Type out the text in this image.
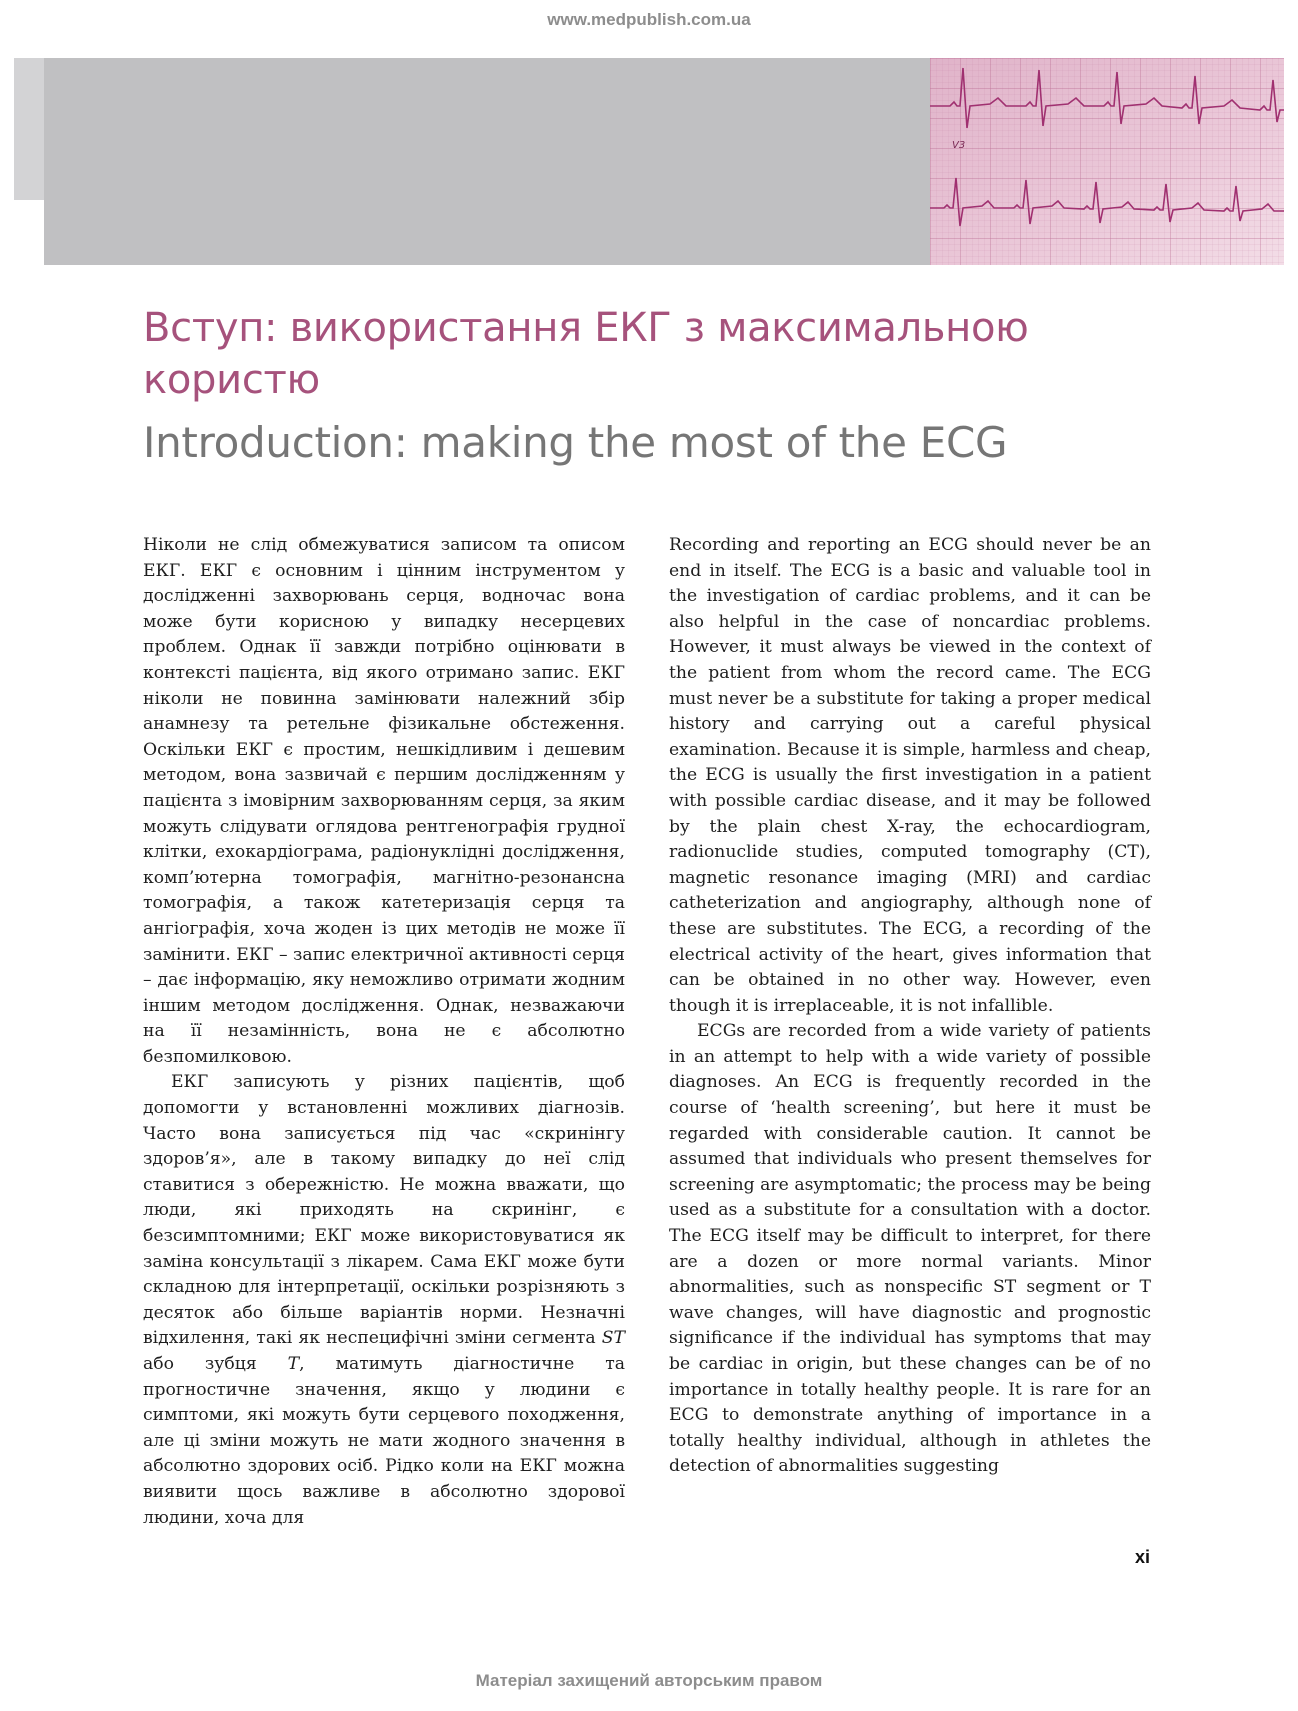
www.medpublish.com.ua
V3
Вступ: використання ЕКГ з максимальною
користю
Introduction: making the most of the ECG

Ніколи не слід обмежуватися записом та описом ЕКГ. ЕКГ є основним і цінним інструментом у дослідженні захворювань серця, водночас вона може бути корисною у випадку несерцевих проблем. Однак її завжди потрібно оцінювати в контексті пацієнта, від якого отримано запис. ЕКГ ніколи не повинна замінювати належний збір анамнезу та ретельне фізикальне обстеження. Оскільки ЕКГ є простим, нешкідливим і дешевим методом, вона зазвичай є першим дослідженням у пацієнта з імовірним захворюванням серця, за яким можуть слідувати оглядова рентгенографія грудної клітки, ехокардіограма, радіонуклідні дослідження, комп’ютерна томографія, магнітно-резонансна томографія, а також катетеризація серця та ангіографія, хоча жоден із цих методів не може її замінити. ЕКГ – запис електричної активності серця – дає інформацію, яку неможливо отримати жодним іншим методом дослідження. Однак, незважаючи на її незамінність, вона не є абсолютно безпомилковою.

ЕКГ записують у різних пацієнтів, щоб допомогти у встановленні можливих діагнозів. Часто вона записується під час «скринінгу здоров’я», але в такому випадку до неї слід ставитися з обережністю. Не можна вважати, що люди, які приходять на скринінг, є безсимптомними; ЕКГ може використовуватися як заміна консультації з лікарем. Сама ЕКГ може бути складною для інтерпретації, оскільки розрізняють з десяток або більше варіантів норми. Незначні відхилення, такі як неспецифічні зміни сегмента ST або зубця T, матимуть діагностичне та прогностичне значення, якщо у людини є симптоми, які можуть бути серцевого походження, але ці зміни можуть не мати жодного значення в абсолютно здорових осіб. Рідко коли на ЕКГ можна виявити щось важливе в абсолютно здорової людини, хоча для

Recording and reporting an ECG should never be an end in itself. The ECG is a basic and valuable tool in the investigation of cardiac problems, and it can be also helpful in the case of noncardiac problems. However, it must always be viewed in the context of the patient from whom the record came. The ECG must never be a substitute for taking a proper medical history and carrying out a careful physical examination. Because it is simple, harmless and cheap, the ECG is usually the first investigation in a patient with possible cardiac disease, and it may be followed by the plain chest X-ray, the echocardiogram, radionuclide studies, computed tomography (CT), magnetic resonance imaging (MRI) and cardiac catheterization and angiography, although none of these are substitutes. The ECG, a recording of the electrical activity of the heart, gives information that can be obtained in no other way. However, even though it is irreplaceable, it is not infallible.

ECGs are recorded from a wide variety of patients in an attempt to help with a wide variety of possible diagnoses. An ECG is frequently recorded in the course of ‘health screening’, but here it must be regarded with considerable caution. It cannot be assumed that individuals who present themselves for screening are asymptomatic; the process may be being used as a substitute for a consultation with a doctor. The ECG itself may be difficult to interpret, for there are a dozen or more normal variants. Minor abnormalities, such as nonspecific ST segment or T wave changes, will have diagnostic and prognostic significance if the individual has symptoms that may be cardiac in origin, but these changes can be of no importance in totally healthy people. It is rare for an ECG to demonstrate anything of importance in a totally healthy individual, although in athletes the detection of abnormalities suggesting

xi
Матеріал захищений авторським правом
